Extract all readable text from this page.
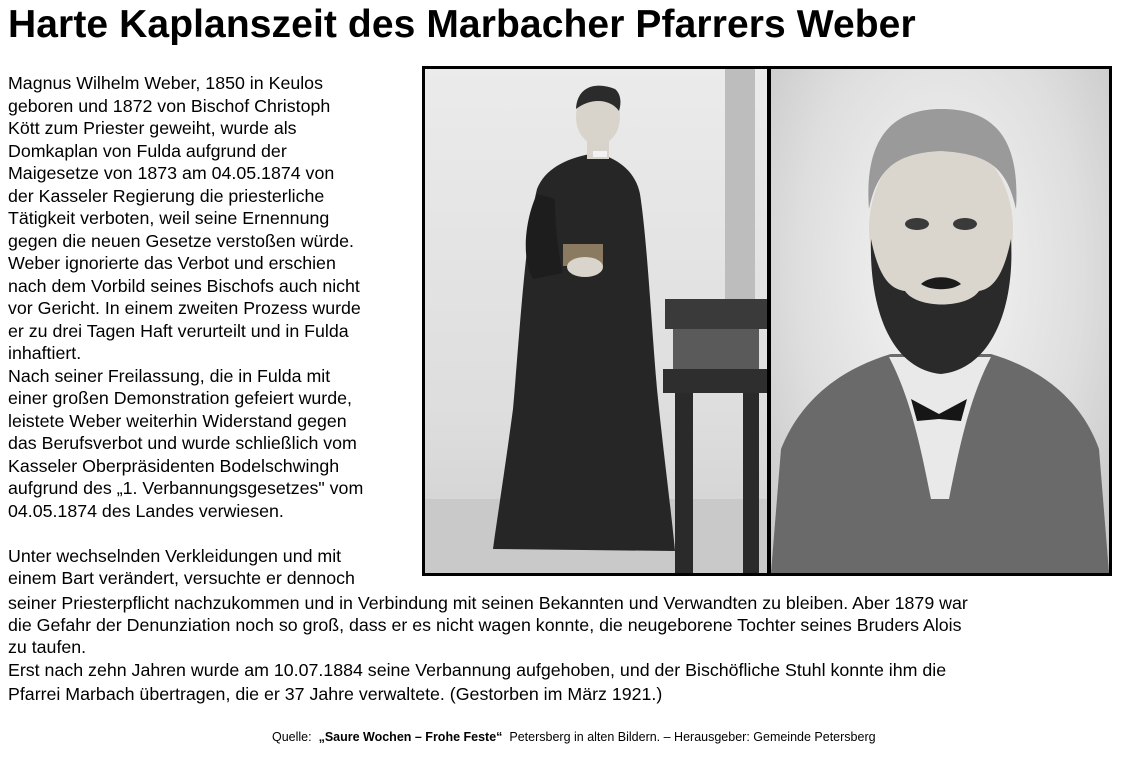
Harte Kaplanszeit des Marbacher Pfarrers Weber
Magnus Wilhelm Weber, 1850 in Keulos
geboren und 1872 von Bischof Christoph
Kött zum Priester geweiht, wurde als
Domkaplan von Fulda aufgrund der
Maigesetze von 1873 am 04.05.1874 von
der Kasseler Regierung die priesterliche
Tätigkeit verboten, weil seine Ernennung
gegen die neuen Gesetze verstoßen würde.
Weber ignorierte das Verbot und erschien
nach dem Vorbild seines Bischofs auch nicht
vor Gericht. In einem zweiten Prozess wurde
er zu drei Tagen Haft verurteilt und in Fulda
inhaftiert.
Nach seiner Freilassung, die in Fulda mit
einer großen Demonstration gefeiert wurde,
leistete Weber weiterhin Widerstand gegen
das Berufsverbot und wurde schließlich vom
Kasseler Oberpräsidenten Bodelschwingh
aufgrund des „1. Verbannungsgesetzes" vom
04.05.1874 des Landes verwiesen.
Unter wechselnden Verkleidungen und mit
einem Bart verändert, versuchte er dennoch
seiner Priesterpflicht nachzukommen und in Verbindung mit seinen Bekannten und Verwandten zu bleiben. Aber 1879 war
die Gefahr der Denunziation noch so groß, dass er es nicht wagen konnte, die neugeborene Tochter seines Bruders Alois
zu taufen.
Erst nach zehn Jahren wurde am 10.07.1884 seine Verbannung aufgehoben, und der Bischöfliche Stuhl konnte ihm die
Pfarrei Marbach übertragen, die er 37 Jahre verwaltete. (Gestorben im März 1921.)
Quelle: „Saure Wochen – Frohe Feste“ Petersberg in alten Bildern. – Herausgeber: Gemeinde Petersberg
